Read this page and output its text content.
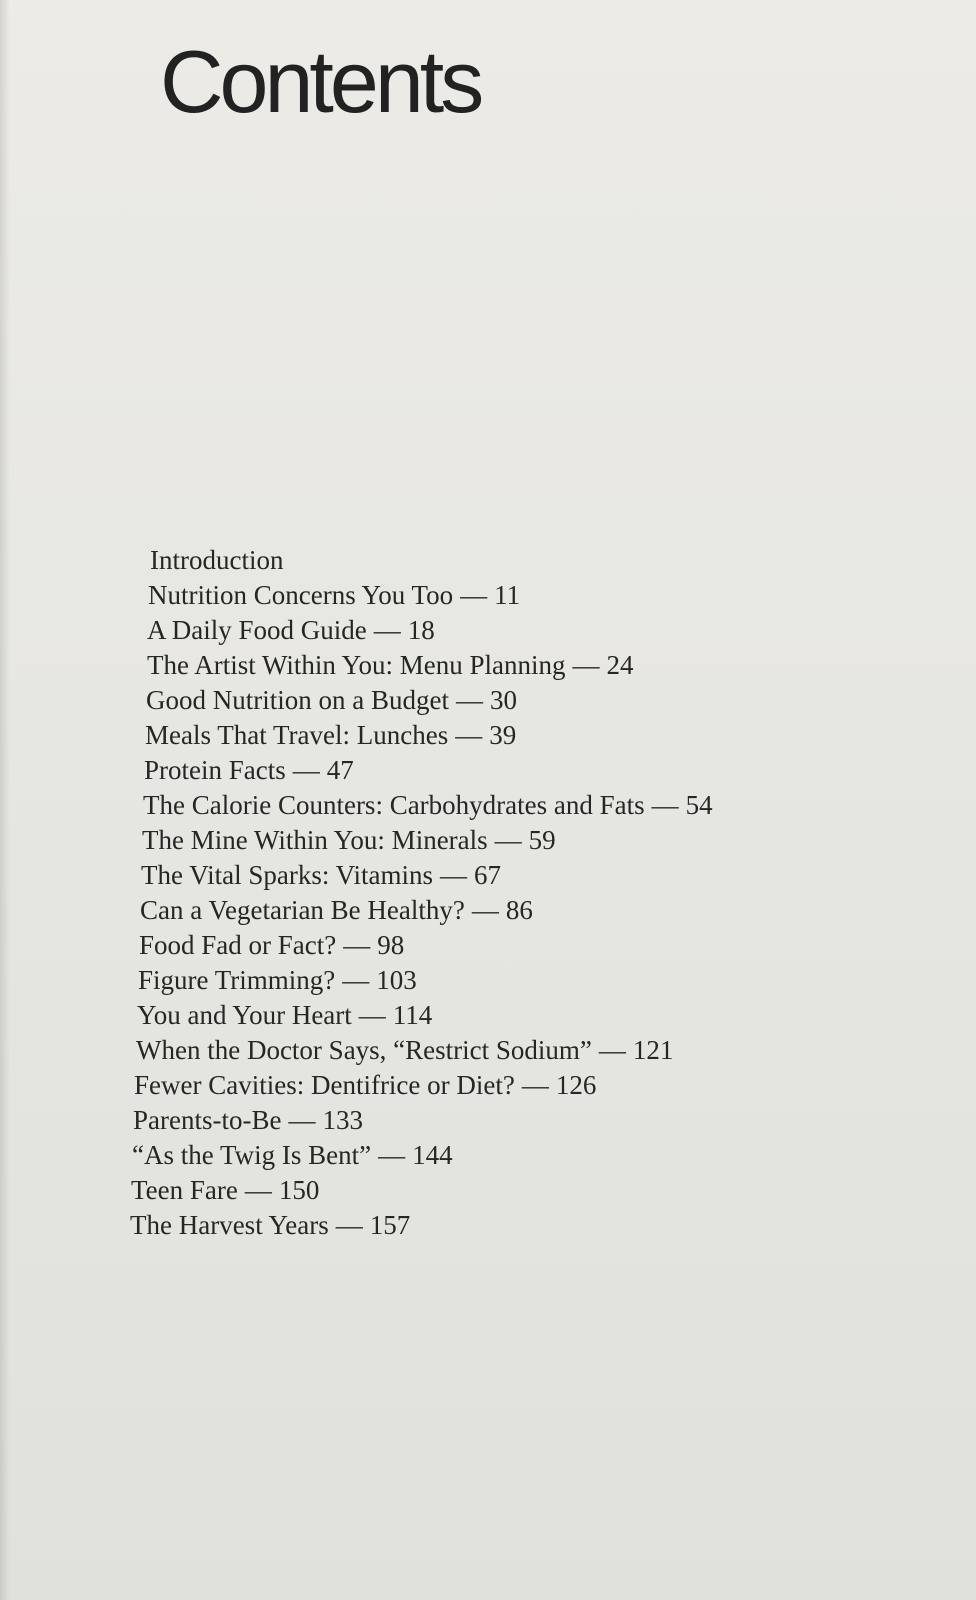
Contents
Introduction
Nutrition Concerns You Too — 11
A Daily Food Guide — 18
The Artist Within You: Menu Planning — 24
Good Nutrition on a Budget — 30
Meals That Travel: Lunches — 39
Protein Facts — 47
The Calorie Counters: Carbohydrates and Fats — 54
The Mine Within You: Minerals — 59
The Vital Sparks: Vitamins — 67
Can a Vegetarian Be Healthy? — 86
Food Fad or Fact? — 98
Figure Trimming? — 103
You and Your Heart — 114
When the Doctor Says, “Restrict Sodium” — 121
Fewer Cavities: Dentifrice or Diet? — 126
Parents-to-Be — 133
“As the Twig Is Bent” — 144
Teen Fare — 150
The Harvest Years — 157
